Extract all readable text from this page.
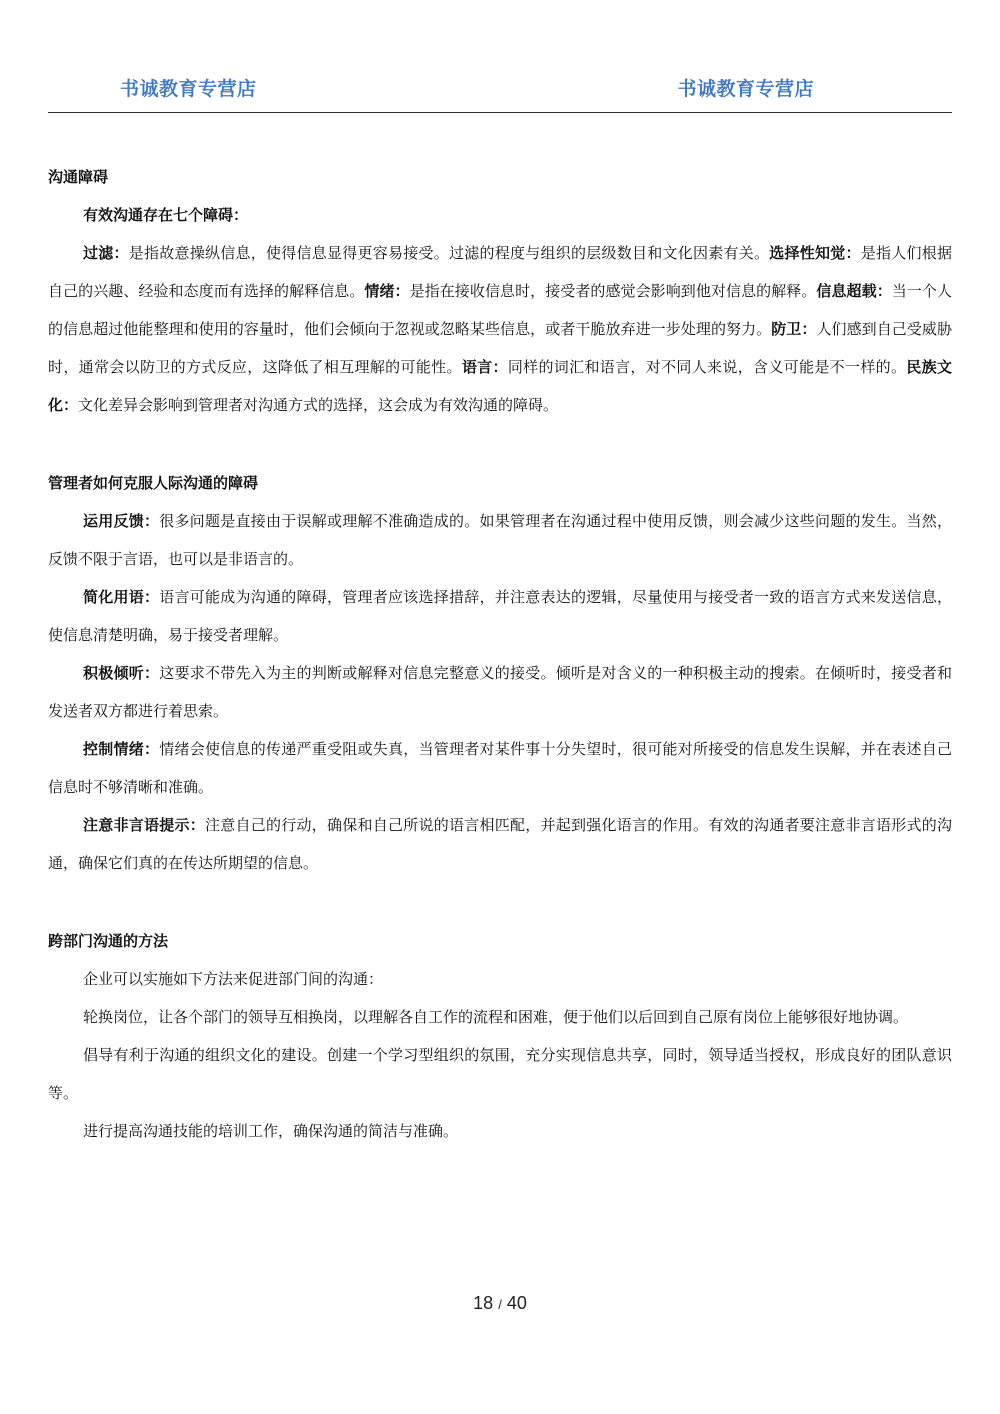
书诚教育专营店	书诚教育专营店
沟通障碍
有效沟通存在七个障碍：

过滤：是指故意操纵信息，使得信息显得更容易接受。过滤的程度与组织的层级数目和文化因素有关。选择性知觉：是指人们根据自己的兴趣、经验和态度而有选择的解释信息。情绪：是指在接收信息时，接受者的感觉会影响到他对信息的解释。信息超载：当一个人的信息超过他能整理和使用的容量时，他们会倾向于忽视或忽略某些信息，或者干脆放弃进一步处理的努力。防卫：人们感到自己受威胁时，通常会以防卫的方式反应，这降低了相互理解的可能性。语言：同样的词汇和语言，对不同人来说，含义可能是不一样的。民族文化：文化差异会影响到管理者对沟通方式的选择，这会成为有效沟通的障碍。

管理者如何克服人际沟通的障碍

运用反馈：很多问题是直接由于误解或理解不准确造成的。如果管理者在沟通过程中使用反馈，则会减少这些问题的发生。当然，反馈不限于言语，也可以是非语言的。

简化用语：语言可能成为沟通的障碍，管理者应该选择措辞，并注意表达的逻辑，尽量使用与接受者一致的语言方式来发送信息，使信息清楚明确，易于接受者理解。

积极倾听：这要求不带先入为主的判断或解释对信息完整意义的接受。倾听是对含义的一种积极主动的搜索。在倾听时，接受者和发送者双方都进行着思索。

控制情绪：情绪会使信息的传递严重受阻或失真，当管理者对某件事十分失望时，很可能对所接受的信息发生误解，并在表述自己信息时不够清晰和准确。

注意非言语提示：注意自己的行动，确保和自己所说的语言相匹配，并起到强化语言的作用。有效的沟通者要注意非言语形式的沟通，确保它们真的在传达所期望的信息。

跨部门沟通的方法

企业可以实施如下方法来促进部门间的沟通：

轮换岗位，让各个部门的领导互相换岗，以理解各自工作的流程和困难，便于他们以后回到自己原有岗位上能够很好地协调。

倡导有利于沟通的组织文化的建设。创建一个学习型组织的氛围，充分实现信息共享，同时，领导适当授权，形成良好的团队意识等。

进行提高沟通技能的培训工作，确保沟通的简洁与准确。

18 / 40
